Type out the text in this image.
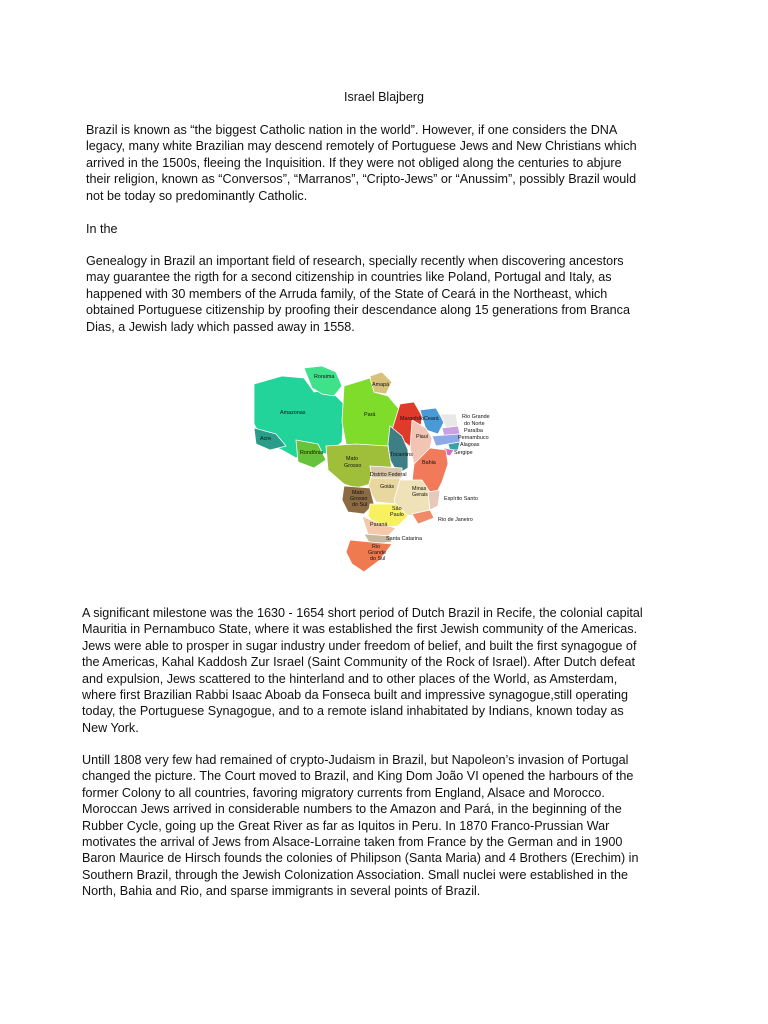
Israel Blajberg

Brazil is known as “the biggest Catholic nation in the world”. However, if one considers the DNA
legacy, many white Brazilian may descend remotely of Portuguese Jews and New Christians which
arrived in the 1500s, fleeing the Inquisition. If they were not obliged along the centuries to abjure
their religion, known as “Conversos”, “Marranos”, “Cripto-Jews” or “Anussim”, possibly Brazil would
not be today so predominantly Catholic.

In the

Genealogy in Brazil an important field of research, specially recently when discovering ancestors
may guarantee the rigth for a second citizenship in countries like Poland, Portugal and Italy, as
happened with 30 members of the Arruda family, of the State of Ceará in the Northeast, which
obtained Portuguese citizenship by proofing their descendance along 15 generations from Branca
Dias, a Jewish lady which passed away in 1558.

Roraima
Amapá
Amazonas	Pará
Maranhão Ceará	Rio Grande
do Norte
Paraíba
Pernambuco
Alagoas
Sergipe
Piauí
Acre
Rondônia
Mato
Grosso
Tocantins
Bahia
Distrito Federal
Goiás	Minas
Gerais
Mato
Grosso
do Sul
Espírito Santo
São
Paulo
Rio de Janeiro
Paraná
Santa Catarina
Rio
Grande
do Sul

A significant milestone was the 1630 - 1654 short period of Dutch Brazil in Recife, the colonial capital
Mauritia in Pernambuco State, where it was established the first Jewish community of the Americas.
Jews were able to prosper in sugar industry under freedom of belief, and built the first synagogue of
the Americas, Kahal Kaddosh Zur Israel (Saint Community of the Rock of Israel). After Dutch defeat
and expulsion, Jews scattered to the hinterland and to other places of the World, as Amsterdam,
where first Brazilian Rabbi Isaac Aboab da Fonseca built and impressive synagogue,still operating
today, the Portuguese Synagogue, and to a remote island inhabitated by Indians, known today as
New York.

Untill 1808 very few had remained of crypto-Judaism in Brazil, but Napoleon’s invasion of Portugal
changed the picture. The Court moved to Brazil, and King Dom João VI opened the harbours of the
former Colony to all countries, favoring migratory currents from England, Alsace and Morocco.
Moroccan Jews arrived in considerable numbers to the Amazon and Pará, in the beginning of the
Rubber Cycle, going up the Great River as far as Iquitos in Peru. In 1870 Franco-Prussian War
motivates the arrival of Jews from Alsace-Lorraine taken from France by the German and in 1900
Baron Maurice de Hirsch founds the colonies of Philipson (Santa Maria) and 4 Brothers (Erechim) in
Southern Brazil, through the Jewish Colonization Association. Small nuclei were established in the
North, Bahia and Rio, and sparse immigrants in several points of Brazil.
